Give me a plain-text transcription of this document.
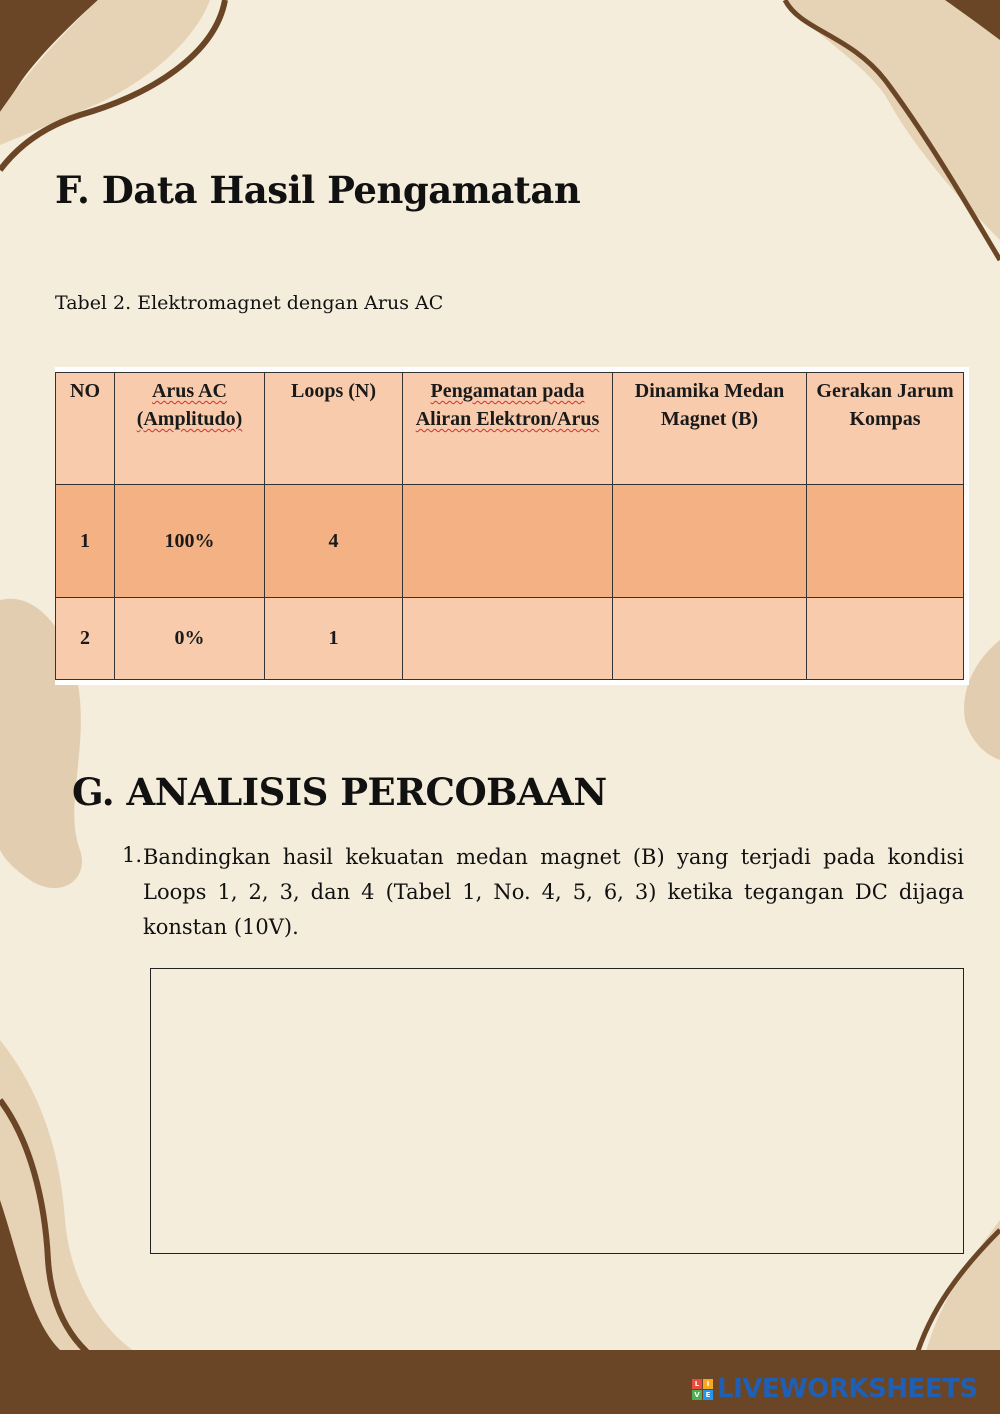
F. Data Hasil Pengamatan

Tabel 2. Elektromagnet dengan Arus AC

NO	Arus AC (Amplitudo)	Loops (N)	Pengamatan pada Aliran Elektron/Arus	Dinamika Medan Magnet (B)	Gerakan Jarum Kompas
1	100%	4			
2	0%	1			
G. ANALISIS PERCOBAAN
1. Bandingkan hasil kekuatan medan magnet (B) yang terjadi pada kondisi Loops 1, 2, 3, dan 4 (Tabel 1, No. 4, 5, 6, 3) ketika tegangan DC dijaga konstan (10V).

L	I
V E LIVEWORKSHEETS
